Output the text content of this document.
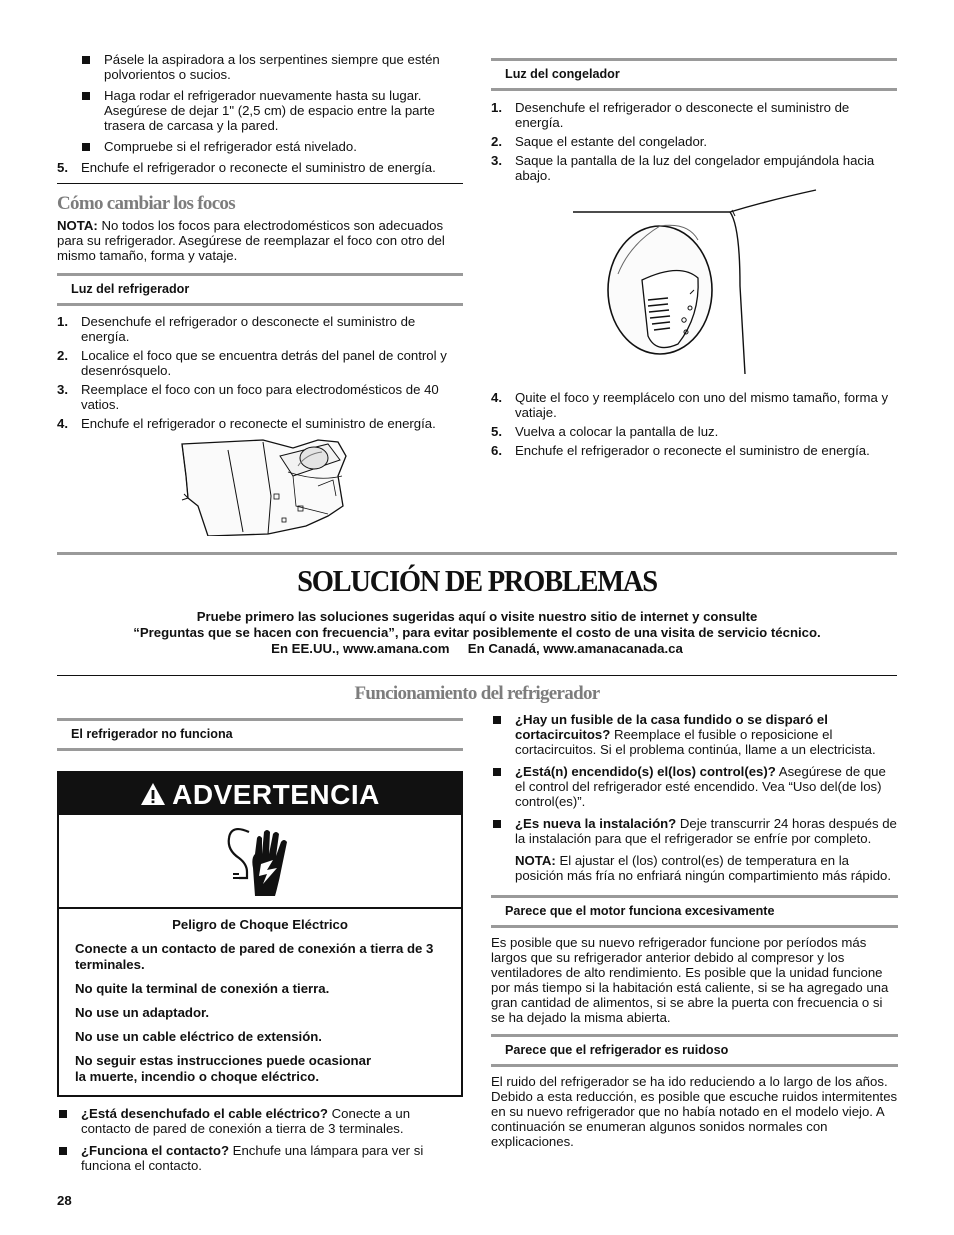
Pásele la aspiradora a los serpentines siempre que estén polvorientos o sucios.

Haga rodar el refrigerador nuevamente hasta su lugar. Asegúrese de dejar 1" (2,5 cm) de espacio entre la parte trasera de carcasa y la pared.

Compruebe si el refrigerador está nivelado.

5. Enchufe el refrigerador o reconecte el suministro de energía.

Cómo cambiar los focos

NOTA: No todos los focos para electrodomésticos son adecuados para su refrigerador. Asegúrese de reemplazar el foco con otro del mismo tamaño, forma y vataje.

Luz del refrigerador

1. Desenchufe el refrigerador o desconecte el suministro de energía.

2. Localice el foco que se encuentra detrás del panel de control y desenrósquelo.

3. Reemplace el foco con un foco para electrodomésticos de 40 vatios.

4. Enchufe el refrigerador o reconecte el suministro de energía.

Luz del congelador

1. Desenchufe el refrigerador o desconecte el suministro de energía.

2. Saque el estante del congelador.

3. Saque la pantalla de la luz del congelador empujándola hacia abajo.

4. Quite el foco y reemplácelo con uno del mismo tamaño, forma y vatiaje.

5. Vuelva a colocar la pantalla de luz.

6. Enchufe el refrigerador o reconecte el suministro de energía.

SOLUCIÓN DE PROBLEMAS
Pruebe primero las soluciones sugeridas aquí o visite nuestro sitio de internet y consulte
“Preguntas que se hacen con frecuencia”, para evitar posiblemente el costo de una visita de servicio técnico.
En EE.UU., www.amana.com     En Canadá, www.amanacanada.ca
Funcionamiento del refrigerador
El refrigerador no funciona
ADVERTENCIA
Peligro de Choque Eléctrico
Conecte a un contacto de pared de conexión a tierra de 3 terminales.
No quite la terminal de conexión a tierra.
No use un adaptador.
No use un cable eléctrico de extensión.
No seguir estas instrucciones puede ocasionar la muerte, incendio o choque eléctrico.

¿Está desenchufado el cable eléctrico? Conecte a un contacto de pared de conexión a tierra de 3 terminales.

¿Funciona el contacto? Enchufe una lámpara para ver si funciona el contacto.

¿Hay un fusible de la casa fundido o se disparó el cortacircuitos? Reemplace el fusible o reposicione el cortacircuitos. Si el problema continúa, llame a un electricista.

¿Está(n) encendido(s) el(los) control(es)? Asegúrese de que el control del refrigerador esté encendido. Vea “Uso del(de los) control(es)”.

¿Es nueva la instalación? Deje transcurrir 24 horas después de la instalación para que el refrigerador se enfríe por completo.

NOTA: El ajustar el (los) control(es) de temperatura en la posición más fría no enfriará ningún compartimiento más rápido.

Parece que el motor funciona excesivamente

Es posible que su nuevo refrigerador funcione por períodos más largos que su refrigerador anterior debido al compresor y los ventiladores de alto rendimiento. Es posible que la unidad funcione por más tiempo si la habitación está caliente, si se ha agregado una gran cantidad de alimentos, si se abre la puerta con frecuencia o si se ha dejado la misma abierta.

Parece que el refrigerador es ruidoso

El ruido del refrigerador se ha ido reduciendo a lo largo de los años. Debido a esta reducción, es posible que escuche ruidos intermitentes en su nuevo refrigerador que no había notado en el modelo viejo. A continuación se enumeran algunos sonidos normales con explicaciones.

28
